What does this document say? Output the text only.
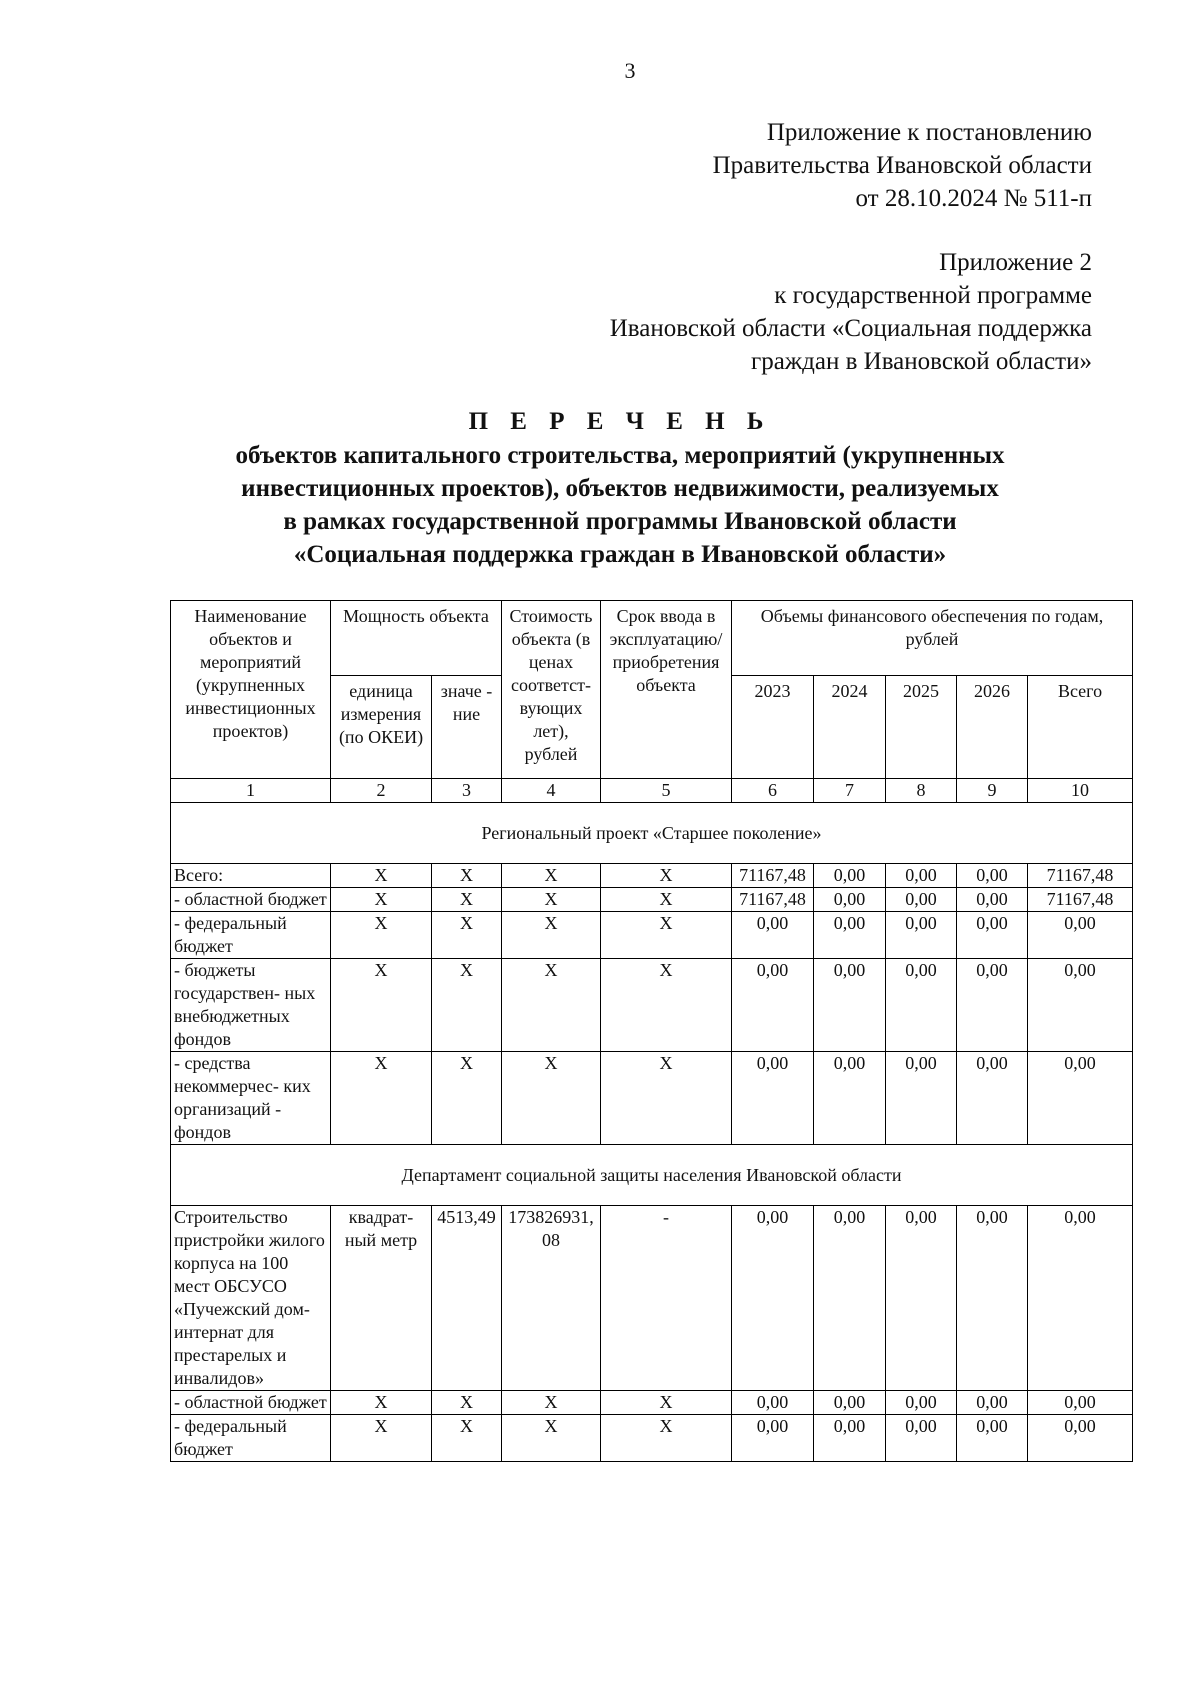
3
Приложение к постановлению
Правительства Ивановской области
от 28.10.2024 № 511-п
Приложение 2
к государственной программе
Ивановской области «Социальная поддержка
граждан в Ивановской области»
П Е Р Е Ч Е Н Ь
объектов капитального строительства, мероприятий (укрупненных
инвестиционных проектов), объектов недвижимости, реализуемых
в рамках государственной программы Ивановской области
«Социальная поддержка граждан в Ивановской области»
Наименование объектов и мероприятий (укрупненных инвестиционных проектов)	Мощность объекта		Стоимость объекта (в ценах соответст- вующих лет), рублей	Срок ввода в эксплуатацию/ приобретения объекта	Объемы финансового обеспечения по годам, рублей				
	единица измерения (по ОКЕИ)	значе - ние			2023	2024	2025	2026	Всего
1	2	3	4	5	6	7	8	9	10
Региональный проект «Старшее поколение»									
Всего:	X	X	X	X	71167,48	0,00	0,00	0,00	71167,48
- областной бюджет	X	X	X	X	71167,48	0,00	0,00	0,00	71167,48
- федеральный бюджет	X	X	X	X	0,00	0,00	0,00	0,00	0,00
- бюджеты государствен- ных внебюджетных фондов	X	X	X	X	0,00	0,00	0,00	0,00	0,00
- средства некоммерчес- ких организаций - фондов	X	X	X	X	0,00	0,00	0,00	0,00	0,00
Департамент социальной защиты населения Ивановской области									
Строительство пристройки жилого корпуса на 100 мест ОБСУСО «Пучежский дом-интернат для престарелых и инвалидов»	квадрат- ный метр	4513,49	173826931, 08	-	0,00	0,00	0,00	0,00	0,00
- областной бюджет	X	X	X	X	0,00	0,00	0,00	0,00	0,00
- федеральный бюджет	X	X	X	X	0,00	0,00	0,00	0,00	0,00
